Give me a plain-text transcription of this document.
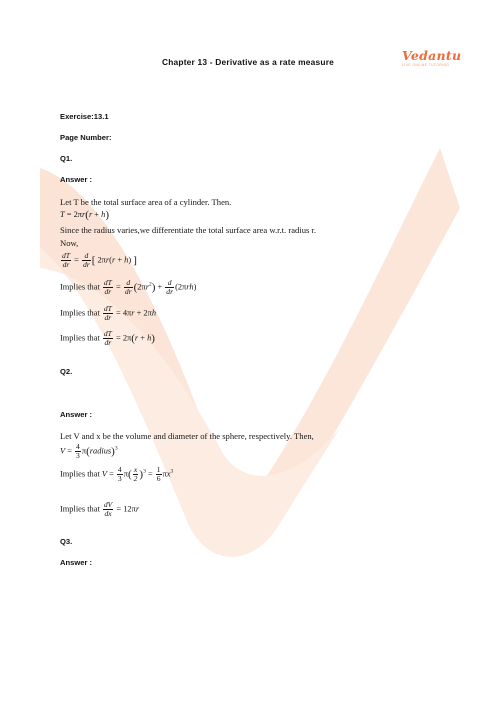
Chapter 13 - Derivative as a rate measure	Vedantu
LIVE ONLINE TUTORING
Exercise:13.1
Page Number:
Q1.
Answer :
Let T be the total surface area of a cylinder. Then.
T = 2πr(r + h)
Since the radius varies,we differentiate the total surface area w.r.t. radius r.
Now,
$\frac{dT}{dr} = \frac{d}{dr}$ [ 2πr(r + h) ]
Implies that $\frac{dT}{dr} = \frac{d}{dr} (2\pi r^2) + \frac{d}{dr} (2\pi rh)$
Implies that $\frac{dT}{dr} = 4\pi r + 2\pi h$
Implies that $\frac{dT}{dr} = 2\pi(r + h)$
Q2.
Answer :
Let V and x be the volume and diameter of the sphere, respectively. Then,
$V = \frac{4}{3}$ π(radius)$^3$
Implies that $V = \frac{4}{3} \pi( \frac{x}{2} )^3 = \frac{1}{6} \pi x^3$
Implies that $\frac{dV}{dx} = 12\pi r$
Q3.
Answer :
